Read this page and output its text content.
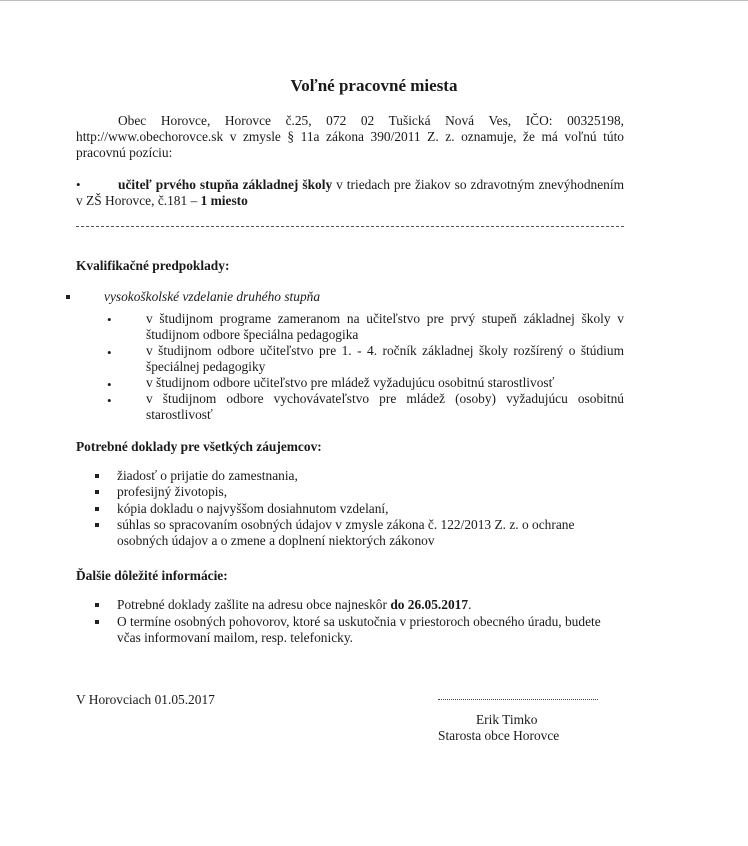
Voľné pracovné miesta
Obec Horovce, Horovce č.25, 072 02 Tušická Nová Ves, IČO: 00325198, http://www.obechorovce.sk v zmysle § 11a zákona 390/2011 Z. z. oznamuje, že má voľnú túto pracovnú pozíciu:
•	učiteľ prvého stupňa základnej školy v triedach pre žiakov so zdravotným znevýhodnením v ZŠ Horovce, č.181 – 1 miesto
Kvalifikačné predpoklady:
vysokoškolské vzdelanie druhého stupňa
•	v študijnom programe zameranom na učiteľstvo pre prvý stupeň základnej školy v študijnom odbore špeciálna pedagogika
•	v študijnom odbore učiteľstvo pre 1. - 4. ročník základnej školy rozšírený o štúdium špeciálnej pedagogiky
•	v študijnom odbore učiteľstvo pre mládež vyžadujúcu osobitnú starostlivosť
•	v študijnom odbore vychovávateľstvo pre mládež (osoby) vyžadujúcu osobitnú starostlivosť
Potrebné doklady pre všetkých záujemcov:
žiadosť o prijatie do zamestnania,
profesijný životopis,
kópia dokladu o najvyššom dosiahnutom vzdelaní,
súhlas so spracovaním osobných údajov v zmysle zákona č. 122/2013 Z. z. o ochrane osobných údajov a o zmene a doplnení niektorých zákonov
Ďalšie dôležité informácie:
Potrebné doklady zašlite na adresu obce najneskôr do 26.05.2017.
O termíne osobných pohovorov, ktoré sa uskutočnia v priestoroch obecného úradu, budete včas informovaní mailom, resp. telefonicky.
V Horovciach 01.05.2017
Erik Timko
Starosta obce Horovce
